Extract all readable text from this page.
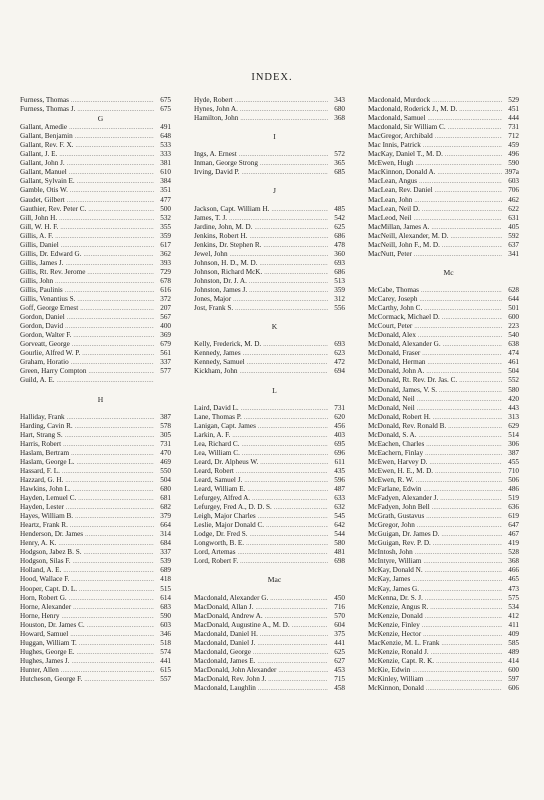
INDEX.
Furness, Thomas .....	675
Furness, Thomas J. .....	675
G
Gallant, Amedie .....	491
Gallant, Benjamin .....	648
Gallant, Rev. F. X. .....	533
Gallant, J. E. .....	333
Gallant, John J. .....	381
Gallant, Manuel .....	610
Gallant, Sylvain E. .....	384
Gamble, Otis W. .....	351
Gaudet, Gilbert .....	477
Gauthier, Rev. Peter C. .....	500
Gill, John H. .....	532
Gill, W. H. F. .....	355
Gillis, A. F. .....	359
Gillis, Daniel .....	617
Gillis, Dr. Edward G. .....	362
Gillis, James J. .....	393
Gillis, Rt. Rev. Jerome .....	729
Gillis, John .....	678
Gillis, Paulinis .....	616
Gillis, Venantius S. .....	372
Goff, George Ernest .....	207
Gordon, Daniel .....	567
Gordon, David .....	400
Gordon, Walter F. .....	369
Gorveatt, George .....	679
Gourlie, Alfred W. P. .....	561
Graham, Horatio .....	337
Green, Harry Compton .....	577
Guild, A. E.
.....
H
Halliday, Frank .....	387
Harding, Cavin R. .....	578
Hart, Strang S. .....	305
Harris, Robert .....	731
Haslam, Bertram .....	470
Haslam, George L. .....	469
Hassard, F. L. .....	550
Hazzard, G. H. .....	504
Hawkins, John L. .....	680
Hayden, Lemuel C. .....	681
Hayden, Lester .....	682
Hayes, William B. .....	379
Heartz, Frank R. .....	664
Henderson, Dr. James .....	314
Henry, A. K. .....	684
Hodgson, Jabez B. S. .....	337
Hodgson, Silas F. .....	539
Holland, A. E. .....	689
Hood, Wallace F. .....	418
Hooper, Capt. D. L. .....	515
Horn, Robert G. .....	614
Horne, Alexander .....	683
Horne, Henry .....	590
Houston, Dr. James C. .....	603
Howard, Samuel .....	346
Huggan, William T. .....	518
Hughes, George E. .....	574
Hughes, James J. .....	441
Hunter, Allen .....	615
Hutcheson, George F. .....	557
Hyde, Robert .....	343
Hynes, John A. .....	680
Hamilton, John .....	368
I
Ings, A. Ernest .....	572
Inman, George Strong .....	365
Irving, David P. .....	685
J
Jackson, Capt. William H. .....	485
James, T. J. .....	542
Jardine, John, M. D. .....	625
Jenkins, Robert H. .....	686
Jenkins, Dr. Stephen R. .....	478
Jewel, John .....	360
Johnson, H. D., M. D. .....	693
Johnson, Richard McK. .....	686
Johnston, Dr. J. A. .....	513
Johnston, James J. .....	359
Jones, Major .....	312
Jost, Frank S. .....	556
K
Kelly, Frederick, M. D. .....	693
Kennedy, James .....	623
Kennedy, Samuel .....	472
Kickham, John .....	694
L
Laird, David L. .....	731
Lane, Thomas P. .....	620
Lanigan, Capt. James .....	456
Larkin, A. F. .....	403
Lea, Richard C. .....	695
Lea, William C. .....	696
Leard, Dr. Alpheus W. .....	611
Leard, Robert .....	435
Leard, Samuel J. .....	596
Leard, William E. .....	487
Lefurgey, Alfred A. .....	633
Lefurgey, Fred A., D. D. S. .....	632
Leigh, Major Charles .....	545
Leslie, Major Donald C. .....	642
Lodge, Dr. Fred S. .....	544
Longworth, B. E. .....	580
Lord, Artemas .....	481
Lord, Robert F. .....	698
Mac
Macdonald, Alexander G. .....	450
MacDonald, Allan J. .....	716
MacDonald, Andrew A. .....	570
MacDonald, Augustine A., M. D. .....	604
Macdonald, Daniel H. .....	375
Macdonald, Daniel J. .....	441
Macdonald, George .....	625
Macdonald, James E. .....	627
MacDonald, John Alexander .....	453
MacDonald, Rev. John J. .....	715
Macdonald, Laughlin .....	458
Macdonald, Murdock .....	529
Macdonald, Roderick J., M. D. .....	451
Macdonald, Samuel .....	444
Macdonald, Sir William C. .....	731
MacGregor, Archibald .....	712
Mac Innis, Patrick .....	459
MacKay, Daniel T., M. D. .....	496
McEwen, Hugh .....	590
MacKinnon, Donald A. .....	397a
MacLean, Angus .....	603
MacLean, Rev. Daniel .....	706
MacLean, John .....	462
MacLean, Neil D. .....	622
MacLeod, Neil .....	631
MacMillan, James A. .....	405
MacNeill, Alexander, M. D. .....	592
MacNeill, John F., M. D. .....	637
MacNutt, Peter .....	341
Mc
McCabe, Thomas .....	628
McCarey, Joseph .....	644
McCarthy, John C. .....	501
McCormack, Michael D. .....	600
McCourt, Peter .....	223
McDonald, Alex .....	540
McDonald, Alexander G. .....	638
McDonald, Fraser .....	474
McDonald, Herman .....	461
McDonald, John A. .....	504
McDonald, Rt. Rev. Dr. Jas. C. .....	552
McDonald, James, V. S. .....	580
McDonald, Neil .....	420
McDonald, Neil .....	443
McDonald, Robert H. .....	313
McDonald, Rev. Ronald B. .....	629
McDonald, S. A. .....	514
McEachen, Charles .....	306
McEachern, Finlay .....	387
McEwen, Harvey D. .....	455
McEwen, H. E., M. D. .....	710
McEwen, R. W. .....	506
McFarlane, Edwin .....	486
McFadyen, Alexander J. .....	519
McFadyen, John Bell .....	636
McGrath, Gustavus .....	619
McGregor, John .....	647
McGuigan, Dr. James D. .....	467
McGuigan, Rev. P. D. .....	419
McIntosh, John .....	528
McIntyre, William .....	368
McKay, Donald N. .....	466
McKay, James .....	465
McKay, James G. .....	473
McKenna, Dr. S. J. .....	575
McKenzie, Angus R. .....	534
McKenzie, Donald .....	412
McKenzie, Finley .....	411
McKenzie, Hector .....	409
MacKenzie, M. L. Frank .....	585
McKenzie, Ronald J. .....	489
McKenzie, Capt. R. K. .....	414
McKie, Edwin .....	600
McKinley, William .....	597
McKinnon, Donald .....	606
